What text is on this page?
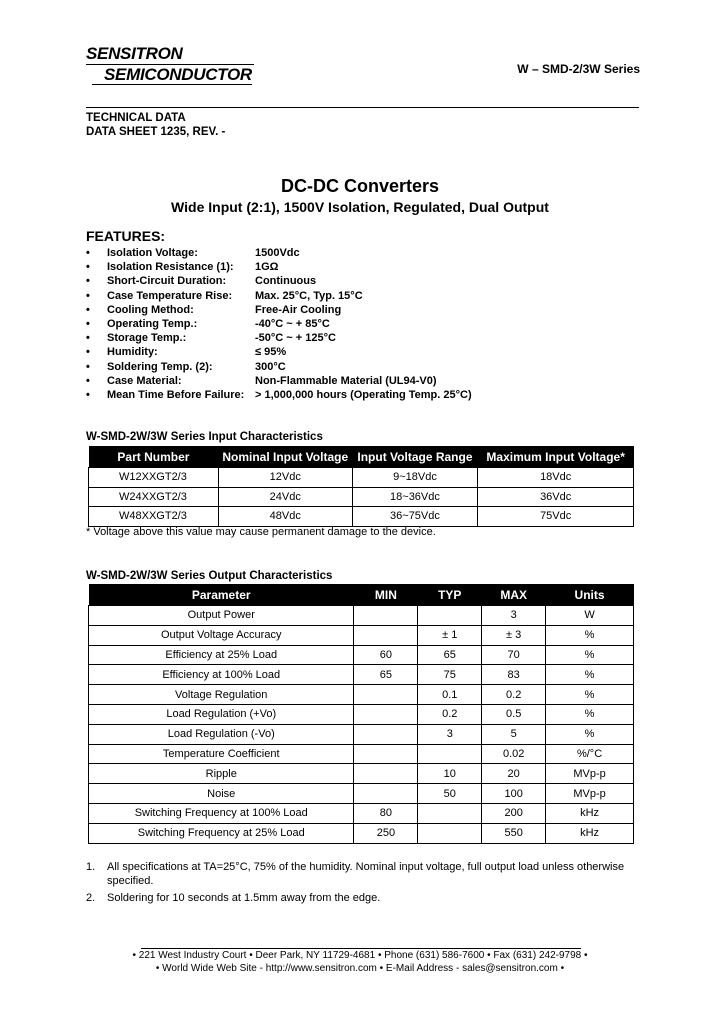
SENSITRON
SEMICONDUCTOR	W – SMD-2/3W Series
TECHNICAL DATA
DATA SHEET 1235, REV. -
DC-DC Converters
Wide Input (2:1), 1500V Isolation, Regulated, Dual Output
FEATURES:
•	Isolation Voltage:	1500Vdc
•	Isolation Resistance (1):	1GΩ
•	Short-Circuit Duration:	Continuous
•	Case Temperature Rise:	Max. 25°C, Typ. 15°C
•	Cooling Method:	Free-Air Cooling
•	Operating Temp.:	-40°C ~ + 85°C
•	Storage Temp.:	-50°C ~ + 125°C
•	Humidity:	≤ 95%
•	Soldering Temp. (2):	300°C
•	Case Material:	Non-Flammable Material (UL94-V0)
•	Mean Time Before Failure: > 1,000,000 hours (Operating Temp. 25°C)
W-SMD-2W/3W Series Input Characteristics
Part Number	Nominal Input Voltage	Input Voltage Range	Maximum Input Voltage*
W12XXGT2/3	12Vdc	9~18Vdc	18Vdc
W24XXGT2/3	24Vdc	18~36Vdc	36Vdc
W48XXGT2/3	48Vdc	36~75Vdc	75Vdc
* Voltage above this value may cause permanent damage to the device.
W-SMD-2W/3W Series Output Characteristics
Parameter	MIN	TYP	MAX	Units
Output Power			3	W
Output Voltage Accuracy		± 1	± 3	%
Efficiency at 25% Load	60	65	70	%
Efficiency at 100% Load	65	75	83	%
Voltage Regulation		0.1	0.2	%
Load Regulation (+Vo)		0.2	0.5	%
Load Regulation (-Vo)		3	5	%
Temperature Coefficient			0.02	%/°C
Ripple		10	20	MVp-p
Noise		50	100	MVp-p
Switching Frequency at 100% Load	80		200	kHz
Switching Frequency at 25% Load	250		550	kHz
1.	All specifications at TA=25°C, 75% of the humidity. Nominal input voltage, full output load unless otherwise specified.
2.	Soldering for 10 seconds at 1.5mm away from the edge.
• 221 West Industry Court • Deer Park, NY 11729-4681 • Phone (631) 586-7600 • Fax (631) 242-9798 •
• World Wide Web Site - http://www.sensitron.com • E-Mail Address - sales@sensitron.com •
